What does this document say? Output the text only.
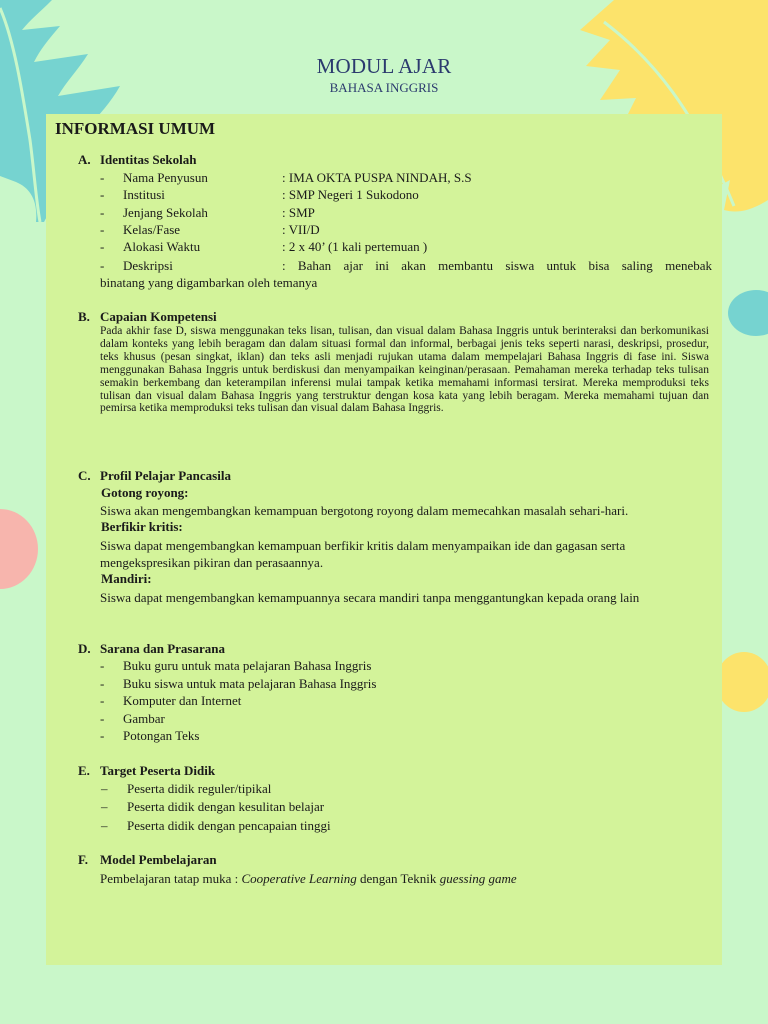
MODUL AJAR
BAHASA INGGRIS
INFORMASI UMUM
A. Identitas Sekolah
- Nama Penyusun	: IMA OKTA PUSPA NINDAH, S.S
- Institusi	: SMP Negeri 1 Sukodono
- Jenjang Sekolah	: SMP
- Kelas/Fase	: VII/D
- Alokasi Waktu	: 2 x 40’ (1 kali pertemuan )
- Deskripsi	: Bahan ajar ini akan membantu siswa untuk bisa saling menebak
binatang yang digambarkan oleh temanya
B. Capaian Kompetensi
Pada akhir fase D, siswa menggunakan teks lisan, tulisan, dan visual dalam Bahasa Inggris untuk berinteraksi dan berkomunikasi dalam konteks yang lebih beragam dan dalam situasi formal dan informal, berbagai jenis teks seperti narasi, deskripsi, prosedur, teks khusus (pesan singkat, iklan) dan teks asli menjadi rujukan utama dalam mempelajari Bahasa Inggris di fase ini. Siswa menggunakan Bahasa Inggris untuk berdiskusi dan menyampaikan keinginan/perasaan. Pemahaman mereka terhadap teks tulisan semakin berkembang dan keterampilan inferensi mulai tampak ketika memahami informasi tersirat. Mereka memproduksi teks tulisan dan visual dalam Bahasa Inggris yang terstruktur dengan kosa kata yang lebih beragam. Mereka memahami tujuan dan pemirsa ketika memproduksi teks tulisan dan visual dalam Bahasa Inggris.
C. Profil Pelajar Pancasila
Gotong royong:
Siswa akan mengembangkan kemampuan bergotong royong dalam memecahkan masalah sehari-hari.
Berfikir kritis:
Siswa dapat mengembangkan kemampuan berfikir kritis dalam menyampaikan ide dan gagasan serta mengekspresikan pikiran dan perasaannya.
Mandiri:
Siswa dapat mengembangkan kemampuannya secara mandiri tanpa menggantungkan kepada orang lain
D. Sarana dan Prasarana
- Buku guru untuk mata pelajaran Bahasa Inggris
- Buku siswa untuk mata pelajaran Bahasa Inggris
- Komputer dan Internet
- Gambar
- Potongan Teks
E. Target Peserta Didik
– Peserta didik reguler/tipikal
– Peserta didik dengan kesulitan belajar
– Peserta didik dengan pencapaian tinggi
F. Model Pembelajaran
Pembelajaran tatap muka : Cooperative Learning dengan Teknik guessing game
